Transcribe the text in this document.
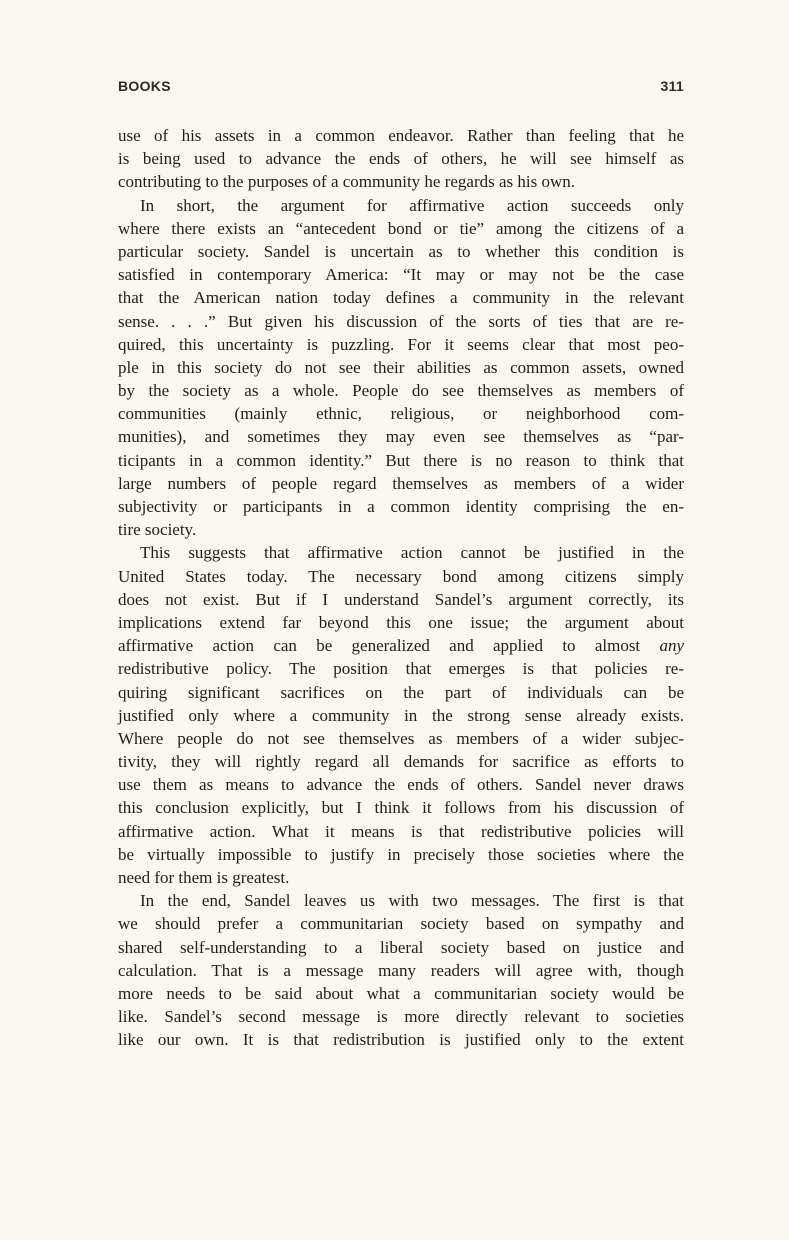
BOOKS	311
use of his assets in a common endeavor. Rather than feeling that he
is being used to advance the ends of others, he will see himself as
contributing to the purposes of a community he regards as his own.
In short, the argument for affirmative action succeeds only
where there exists an “antecedent bond or tie” among the citizens of a
particular society. Sandel is uncertain as to whether this condition is
satisfied in contemporary America: “It may or may not be the case
that the American nation today defines a community in the relevant
sense. . . .” But given his discussion of the sorts of ties that are re-
quired, this uncertainty is puzzling. For it seems clear that most peo-
ple in this society do not see their abilities as common assets, owned
by the society as a whole. People do see themselves as members of
communities (mainly ethnic, religious, or neighborhood com-
munities), and sometimes they may even see themselves as “par-
ticipants in a common identity.” But there is no reason to think that
large numbers of people regard themselves as members of a wider
subjectivity or participants in a common identity comprising the en-
tire society.
This suggests that affirmative action cannot be justified in the
United States today. The necessary bond among citizens simply
does not exist. But if I understand Sandel’s argument correctly, its
implications extend far beyond this one issue; the argument about
affirmative action can be generalized and applied to almost any
redistributive policy. The position that emerges is that policies re-
quiring significant sacrifices on the part of individuals can be
justified only where a community in the strong sense already exists.
Where people do not see themselves as members of a wider subjec-
tivity, they will rightly regard all demands for sacrifice as efforts to
use them as means to advance the ends of others. Sandel never draws
this conclusion explicitly, but I think it follows from his discussion of
affirmative action. What it means is that redistributive policies will
be virtually impossible to justify in precisely those societies where the
need for them is greatest.
In the end, Sandel leaves us with two messages. The first is that
we should prefer a communitarian society based on sympathy and
shared self-understanding to a liberal society based on justice and
calculation. That is a message many readers will agree with, though
more needs to be said about what a communitarian society would be
like. Sandel’s second message is more directly relevant to societies
like our own. It is that redistribution is justified only to the extent
